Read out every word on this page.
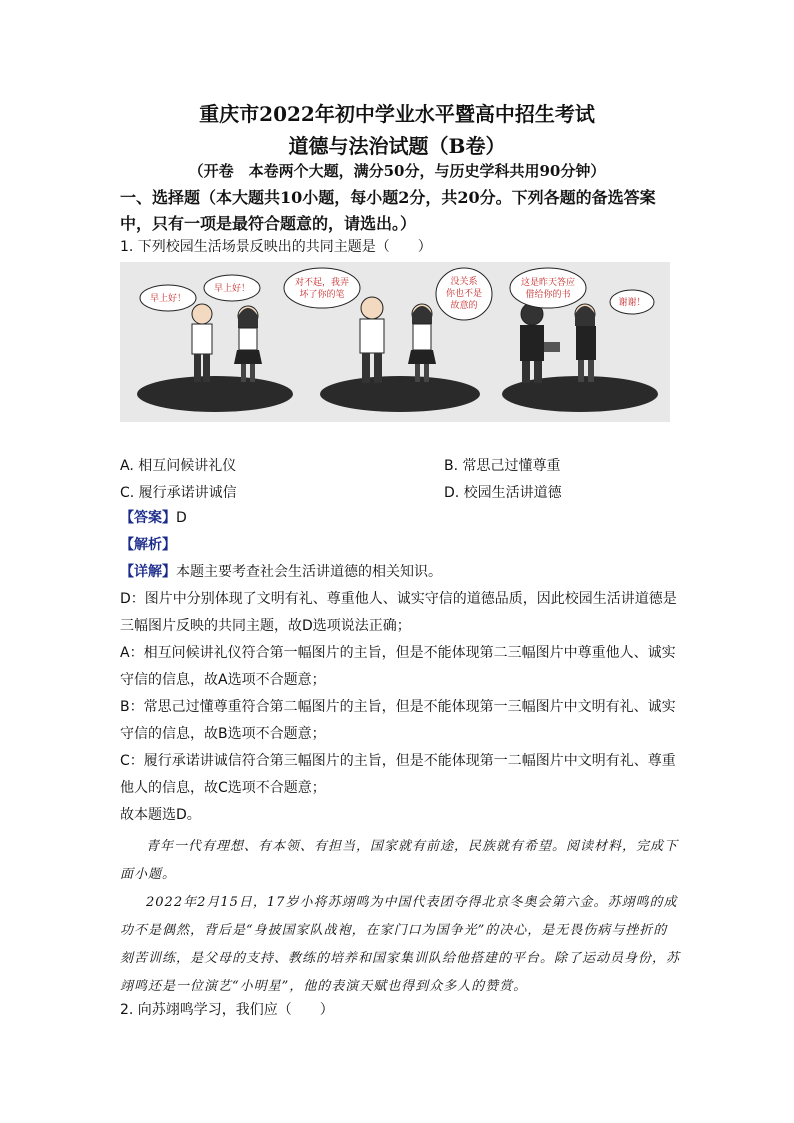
重庆市2022年初中学业水平暨高中招生考试
道德与法治试题（B卷）
（开卷　本卷两个大题，满分50分，与历史学科共用90分钟）
一、选择题（本大题共10小题，每小题2分，共20分。下列各题的备选答案
中，只有一项是最符合题意的，请选出。）
1. 下列校园生活场景反映出的共同主题是（　　）
早上好！
早上好！
对不起，我弄
坏了你的笔
没关系
你也不是
故意的
这是昨天答应
借给你的书
谢谢！
A. 相互问候讲礼仪	B. 常思己过懂尊重
C. 履行承诺讲诚信	D. 校园生活讲道德
【答案】D
【解析】
【详解】本题主要考查社会生活讲道德的相关知识。
D：图片中分别体现了文明有礼、尊重他人、诚实守信的道德品质，因此校园生活讲道德是
三幅图片反映的共同主题，故D选项说法正确；
A：相互问候讲礼仪符合第一幅图片的主旨，但是不能体现第二三幅图片中尊重他人、诚实
守信的信息，故A选项不合题意；
B：常思己过懂尊重符合第二幅图片的主旨，但是不能体现第一三幅图片中文明有礼、诚实
守信的信息，故B选项不合题意；
C：履行承诺讲诚信符合第三幅图片的主旨，但是不能体现第一二幅图片中文明有礼、尊重
他人的信息，故C选项不合题意；
故本题选D。
青年一代有理想、有本领、有担当，国家就有前途，民族就有希望。阅读材料，完成下
面小题。
2022年2月15日，17岁小将苏翊鸣为中国代表团夺得北京冬奥会第六金。苏翊鸣的成
功不是偶然，背后是“身披国家队战袍，在家门口为国争光”的决心，是无畏伤病与挫折的
刻苦训练，是父母的支持、教练的培养和国家集训队给他搭建的平台。除了运动员身份，苏
翊鸣还是一位演艺“小明星”，他的表演天赋也得到众多人的赞赏。
2. 向苏翊鸣学习，我们应（　　）
